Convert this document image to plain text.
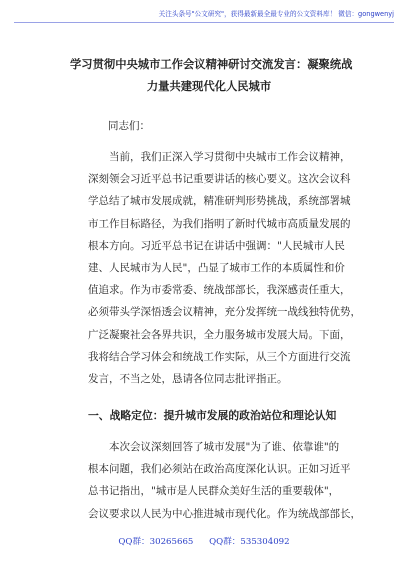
关注头条号"公文研究"，获得最新最全最专业的公文资料库！ 微信：gongwenyj
学习贯彻中央城市工作会议精神研讨交流发言：凝聚统战
力量共建现代化人民城市
同志们：
当前，我们正深入学习贯彻中央城市工作会议精神，
深刻领会习近平总书记重要讲话的核心要义。这次会议科
学总结了城市发展成就，精准研判形势挑战，系统部署城
市工作目标路径，为我们指明了新时代城市高质量发展的
根本方向。习近平总书记在讲话中强调："人民城市人民
建、人民城市为人民"，凸显了城市工作的本质属性和价
值追求。作为市委常委、统战部部长，我深感责任重大，
必须带头学深悟透会议精神，充分发挥统一战线独特优势，
广泛凝聚社会各界共识，全力服务城市发展大局。下面，
我将结合学习体会和统战工作实际，从三个方面进行交流
发言，不当之处，恳请各位同志批评指正。
一、战略定位：提升城市发展的政治站位和理论认知
本次会议深刻回答了城市发展"为了谁、依靠谁"的
根本问题，我们必须站在政治高度深化认识。正如习近平
总书记指出，"城市是人民群众美好生活的重要载体"，
会议要求以人民为中心推进城市现代化。作为统战部部长，
QQ群：30265665 QQ群：535304092
